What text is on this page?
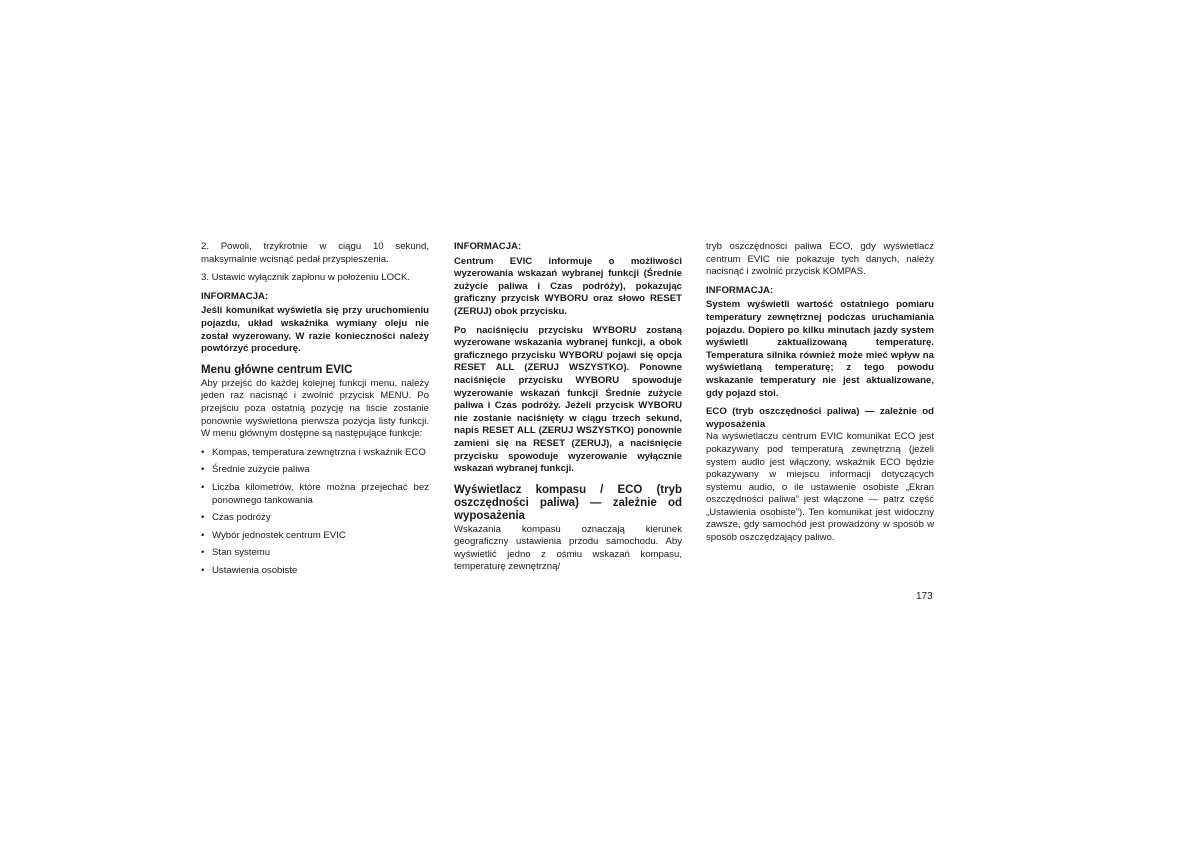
2. Powoli, trzykrotnie w ciągu 10 sekund, maksymalnie wcisnąć pedał przyspieszenia.

3. Ustawić wyłącznik zapłonu w położeniu LOCK.

INFORMACJA:

Jeśli komunikat wyświetla się przy uruchomieniu pojazdu, układ wskaźnika wymiany oleju nie został wyzerowany. W razie konieczności należy powtórzyć procedurę.

Menu główne centrum EVIC

Aby przejść do każdej kolejnej funkcji menu, należy jeden raz nacisnąć i zwolnić przycisk MENU. Po przejściu poza ostatnią pozycję na liście zostanie ponownie wyświetlona pierwsza pozycja listy funkcji. W menu głównym dostępne są następujące funkcje:

• Kompas, temperatura zewnętrzna i wskaźnik ECO
• Średnie zużycie paliwa
• Liczba kilometrów, które można przejechać bez ponownego tankowania
• Czas podróży
• Wybór jednostek centrum EVIC
• Stan systemu
• Ustawienia osobiste
INFORMACJA:

Centrum EVIC informuje o możliwości wyzerowania wskazań wybranej funkcji (Średnie zużycie paliwa i Czas podróży), pokazując graficzny przycisk WYBORU oraz słowo RESET (ZERUJ) obok przycisku.

Po naciśnięciu przycisku WYBORU zostaną wyzerowane wskazania wybranej funkcji, a obok graficznego przycisku WYBORU pojawi się opcja RESET ALL (ZERUJ WSZYSTKO). Ponowne naciśnięcie przycisku WYBORU spowoduje wyzerowanie wskazań funkcji Średnie zużycie paliwa i Czas podróży. Jeżeli przycisk WYBORU nie zostanie naciśnięty w ciągu trzech sekund, napis RESET ALL (ZERUJ WSZYSTKO) ponownie zamieni się na RESET (ZERUJ), a naciśnięcie przycisku spowoduje wyzerowanie wyłącznie wskazań wybranej funkcji.

Wyświetlacz kompasu / ECO (tryb oszczędności paliwa) — zależnie od wyposażenia

Wskazania kompasu oznaczają kierunek geograficzny ustawienia przodu samochodu. Aby wyświetlić jedno z ośmiu wskazań kompasu, temperaturę zewnętrzną/

tryb oszczędności paliwa ECO, gdy wyświetlacz centrum EVIC nie pokazuje tych danych, należy nacisnąć i zwolnić przycisk KOMPAS.

INFORMACJA:

System wyświetli wartość ostatniego pomiaru temperatury zewnętrznej podczas uruchamiania pojazdu. Dopiero po kilku minutach jazdy system wyświetli zaktualizowaną temperaturę. Temperatura silnika również może mieć wpływ na wyświetlaną temperaturę; z tego powodu wskazanie temperatury nie jest aktualizowane, gdy pojazd stoi.

ECO (tryb oszczędności paliwa) — zależnie od wyposażenia

Na wyświetlaczu centrum EVIC komunikat ECO jest pokazywany pod temperaturą zewnętrzną (jeżeli system audio jest włączony, wskaźnik ECO będzie pokazywany w miejscu informacji dotyczących systemu audio, o ile ustawienie osobiste „Ekran oszczędności paliwa” jest włączone — patrz część „Ustawienia osobiste”). Ten komunikat jest widoczny zawsze, gdy samochód jest prowadzony w sposób w sposób oszczędzający paliwo.

173
